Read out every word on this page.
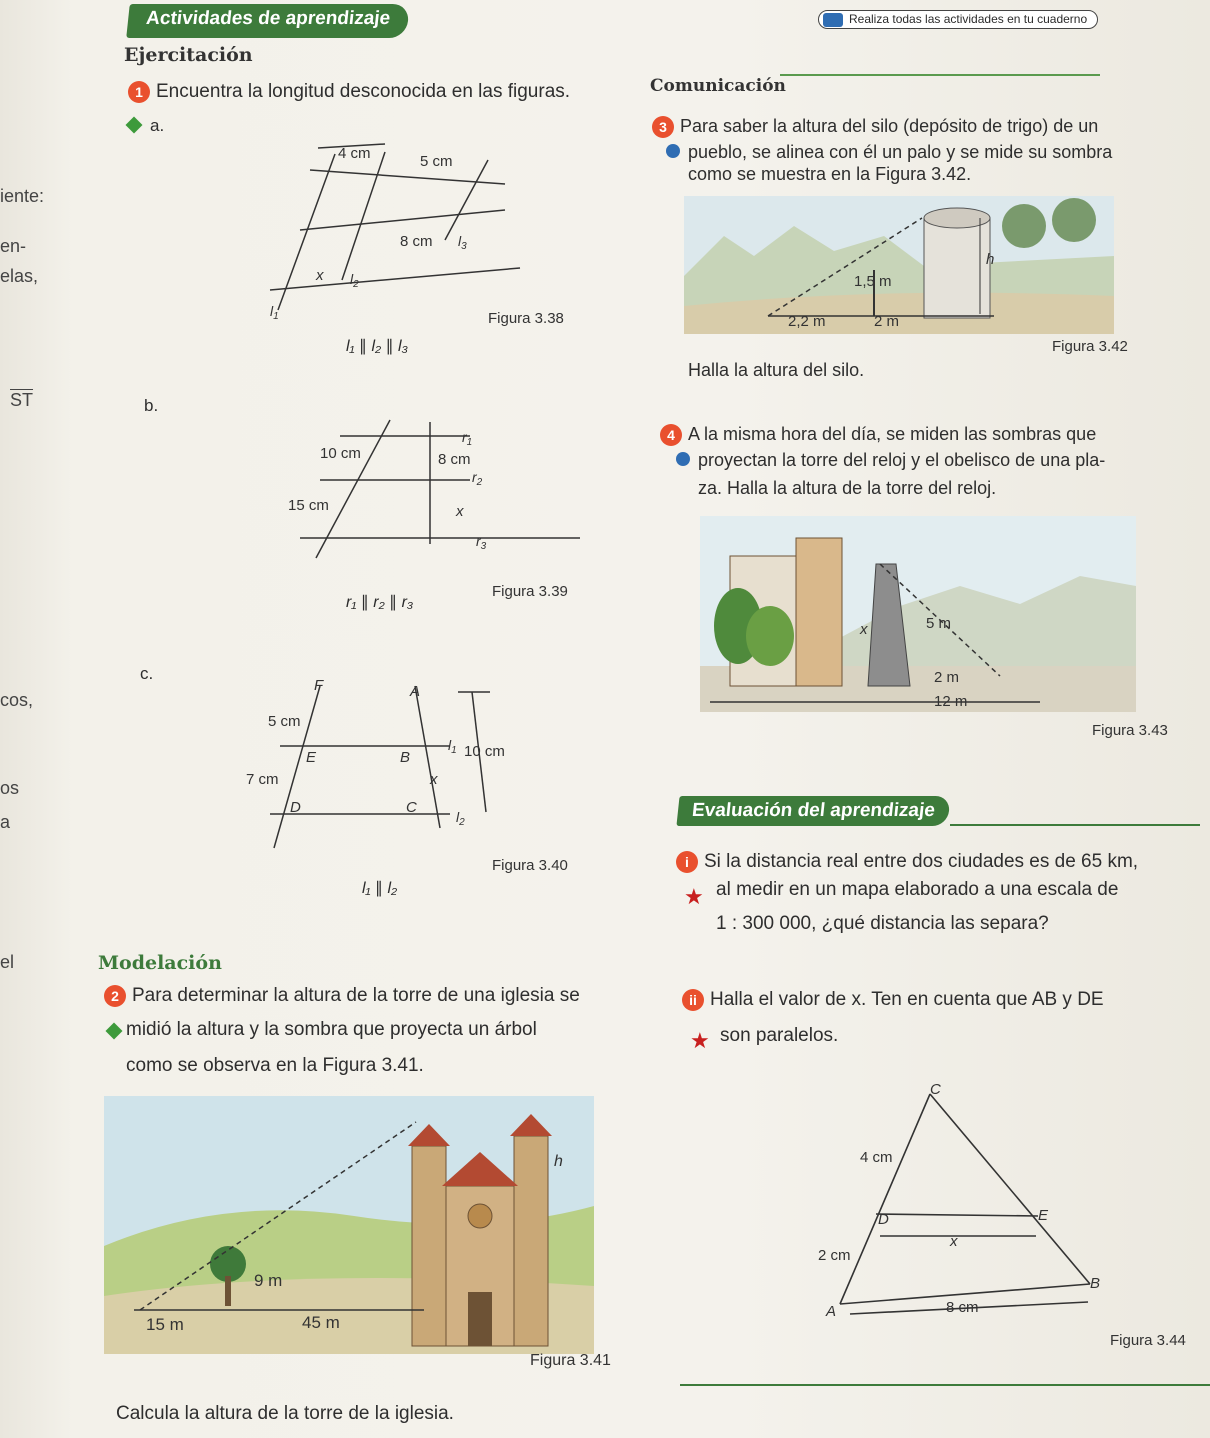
Actividades de aprendizaje	Realiza todas las actividades en tu cuaderno
iente:
en-
elas,
$\overline{ST}$
cos,
os
a
el
Ejercitación
1 Encuentra la longitud desconocida en las figuras.
a.
4 cm	5 cm
8 cm
x
$l_1$
$l_2$
$l_3$
Figura 3.38
l₁ ∥ l₂ ∥ l₃
b.
10 cm	8 cm
15 cm	x
$r_1$
$r_2$
$r_3$
Figura 3.39
r₁ ∥ r₂ ∥ r₃
c.
F	A
5 cm
E	B
$l_1$ 10 cm
7 cm	x
D	C
$l_2$
Figura 3.40
l₁ ∥ l₂
Modelación
2 Para determinar la altura de la torre de una iglesia se
midió la altura y la sombra que proyecta un árbol
como se observa en la Figura 3.41.
h
9 m
15 m	45 m
Figura 3.41
Calcula la altura de la torre de la iglesia.
Comunicación
3 Para saber la altura del silo (depósito de trigo) de un
pueblo, se alinea con él un palo y se mide su sombra
como se muestra en la Figura 3.42.
h
1,5 m
2,2 m	2 m
Figura 3.42
Halla la altura del silo.
4 A la misma hora del día, se miden las sombras que
proyectan la torre del reloj y el obelisco de una pla-
za. Halla la altura de la torre del reloj.
x	5 m
2 m
12 m
Figura 3.43
Evaluación del aprendizaje
i Si la distancia real entre dos ciudades es de 65 km,
★ al medir en un mapa elaborado a una escala de
1 : 300 000, ¿qué distancia las separa?
ii Halla el valor de x. Ten en cuenta que AB y DE
★ son paralelos.
C
4 cm
D	E
x
2 cm
A
B
8 cm
Figura 3.44
